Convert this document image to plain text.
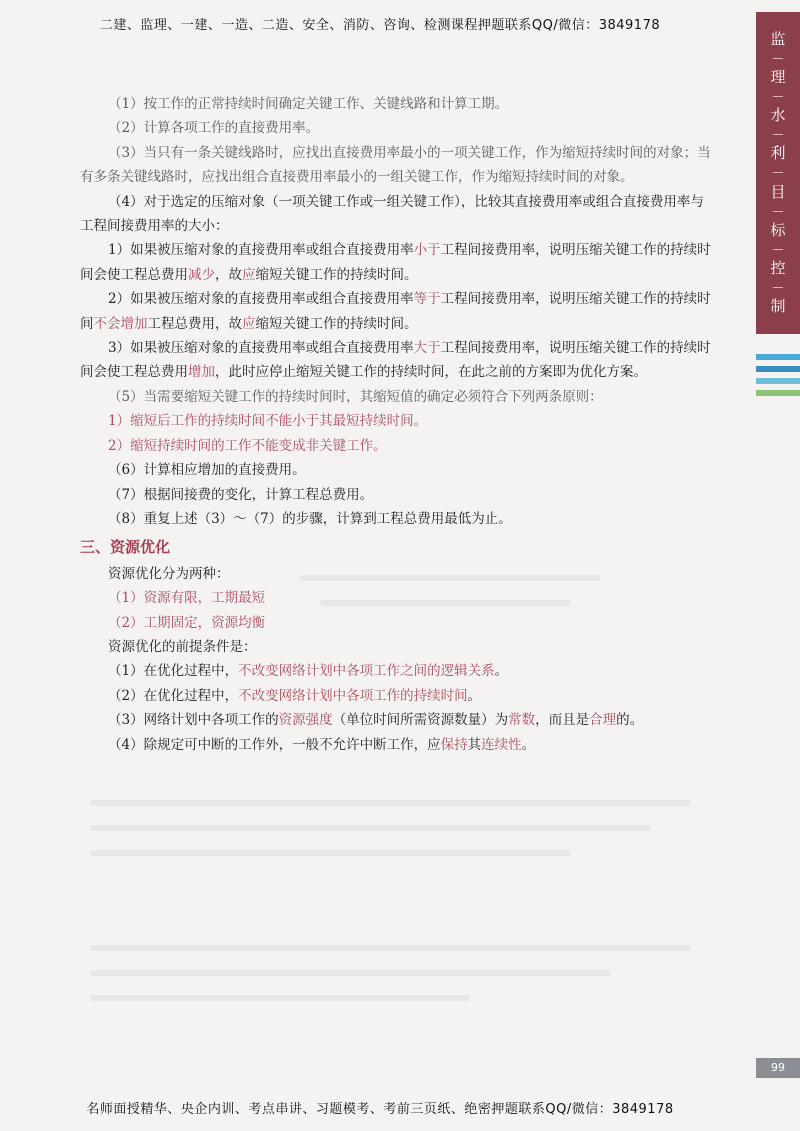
二建、监理、一建、一造、二造、安全、消防、咨询、检测课程押题联系QQ/微信：3849178
监
理
水
利
目
标
控
制

（1）按工作的正常持续时间确定关键工作、关键线路和计算工期。

（2）计算各项工作的直接费用率。

（3）当只有一条关键线路时，应找出直接费用率最小的一项关键工作，作为缩短持续时间的对象；当有多条关键线路时，应找出组合直接费用率最小的一组关键工作，作为缩短持续时间的对象。

（4）对于选定的压缩对象（一项关键工作或一组关键工作），比较其直接费用率或组合直接费用率与工程间接费用率的大小：

1）如果被压缩对象的直接费用率或组合直接费用率小于工程间接费用率，说明压缩关键工作的持续时间会使工程总费用减少，故应缩短关键工作的持续时间。

2）如果被压缩对象的直接费用率或组合直接费用率等于工程间接费用率，说明压缩关键工作的持续时间不会增加工程总费用，故应缩短关键工作的持续时间。

3）如果被压缩对象的直接费用率或组合直接费用率大于工程间接费用率，说明压缩关键工作的持续时间会使工程总费用增加，此时应停止缩短关键工作的持续时间，在此之前的方案即为优化方案。

（5）当需要缩短关键工作的持续时间时，其缩短值的确定必须符合下列两条原则：

1）缩短后工作的持续时间不能小于其最短持续时间。

2）缩短持续时间的工作不能变成非关键工作。

（6）计算相应增加的直接费用。

（7）根据间接费的变化，计算工程总费用。

（8）重复上述（3）～（7）的步骤，计算到工程总费用最低为止。

三、资源优化

资源优化分为两种：

（1）资源有限，工期最短

（2）工期固定，资源均衡

资源优化的前提条件是：

（1）在优化过程中，不改变网络计划中各项工作之间的逻辑关系。

（2）在优化过程中，不改变网络计划中各项工作的持续时间。

（3）网络计划中各项工作的资源强度（单位时间所需资源数量）为常数，而且是合理的。

（4）除规定可中断的工作外，一般不允许中断工作，应保持其连续性。

99
名师面授精华、央企内训、考点串讲、习题模考、考前三页纸、绝密押题联系QQ/微信：3849178
